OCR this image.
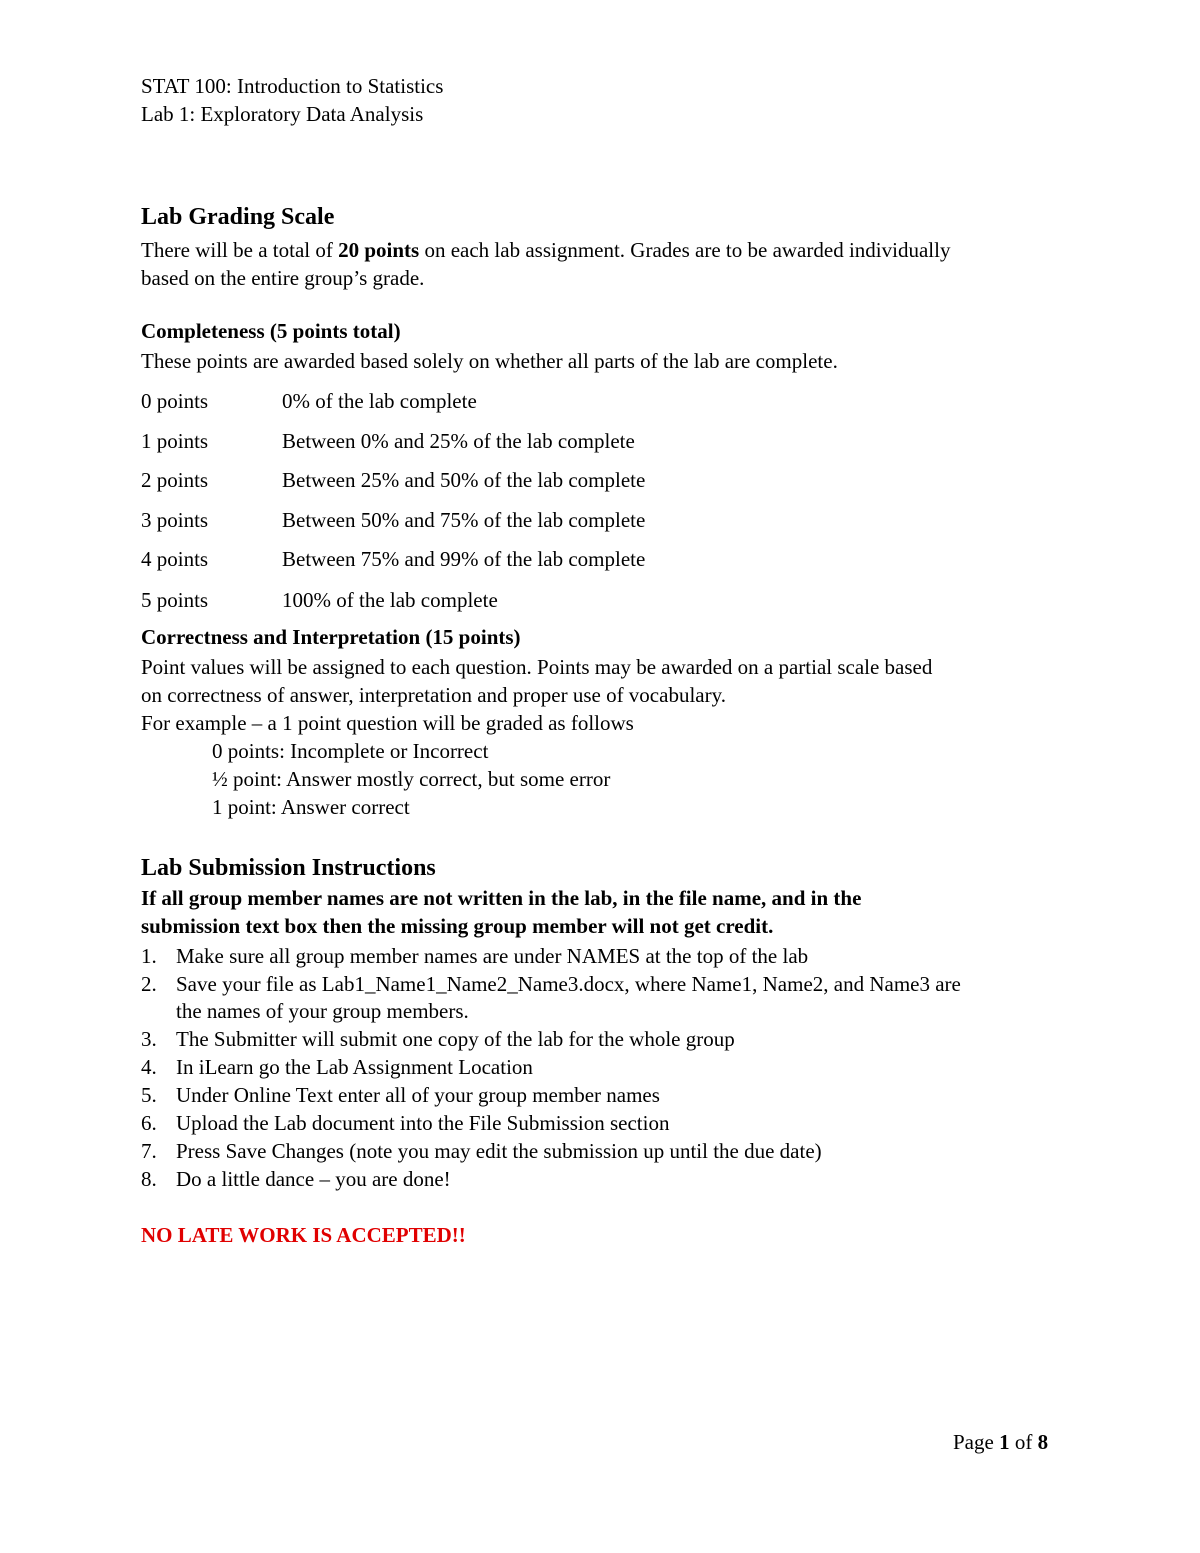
STAT 100: Introduction to Statistics
Lab 1: Exploratory Data Analysis
Lab Grading Scale
There will be a total of 20 points on each lab assignment. Grades are to be awarded individually
based on the entire group’s grade.
Completeness (5 points total)
These points are awarded based solely on whether all parts of the lab are complete.
0 points	0% of the lab complete
1 points	Between 0% and 25% of the lab complete
2 points	Between 25% and 50% of the lab complete
3 points	Between 50% and 75% of the lab complete
4 points	Between 75% and 99% of the lab complete
5 points	100% of the lab complete
Correctness and Interpretation (15 points)
Point values will be assigned to each question. Points may be awarded on a partial scale based
on correctness of answer, interpretation and proper use of vocabulary.
For example – a 1 point question will be graded as follows
0 points: Incomplete or Incorrect
½ point: Answer mostly correct, but some error
1 point: Answer correct
Lab Submission Instructions
If all group member names are not written in the lab, in the file name, and in the
submission text box then the missing group member will not get credit.
1. Make sure all group member names are under NAMES at the top of the lab
2. Save your file as Lab1_Name1_Name2_Name3.docx, where Name1, Name2, and Name3 are
the names of your group members.
3. The Submitter will submit one copy of the lab for the whole group
4. In iLearn go the Lab Assignment Location
5. Under Online Text enter all of your group member names
6. Upload the Lab document into the File Submission section
7. Press Save Changes (note you may edit the submission up until the due date)
8. Do a little dance – you are done!
NO LATE WORK IS ACCEPTED!!
Page 1 of 8
